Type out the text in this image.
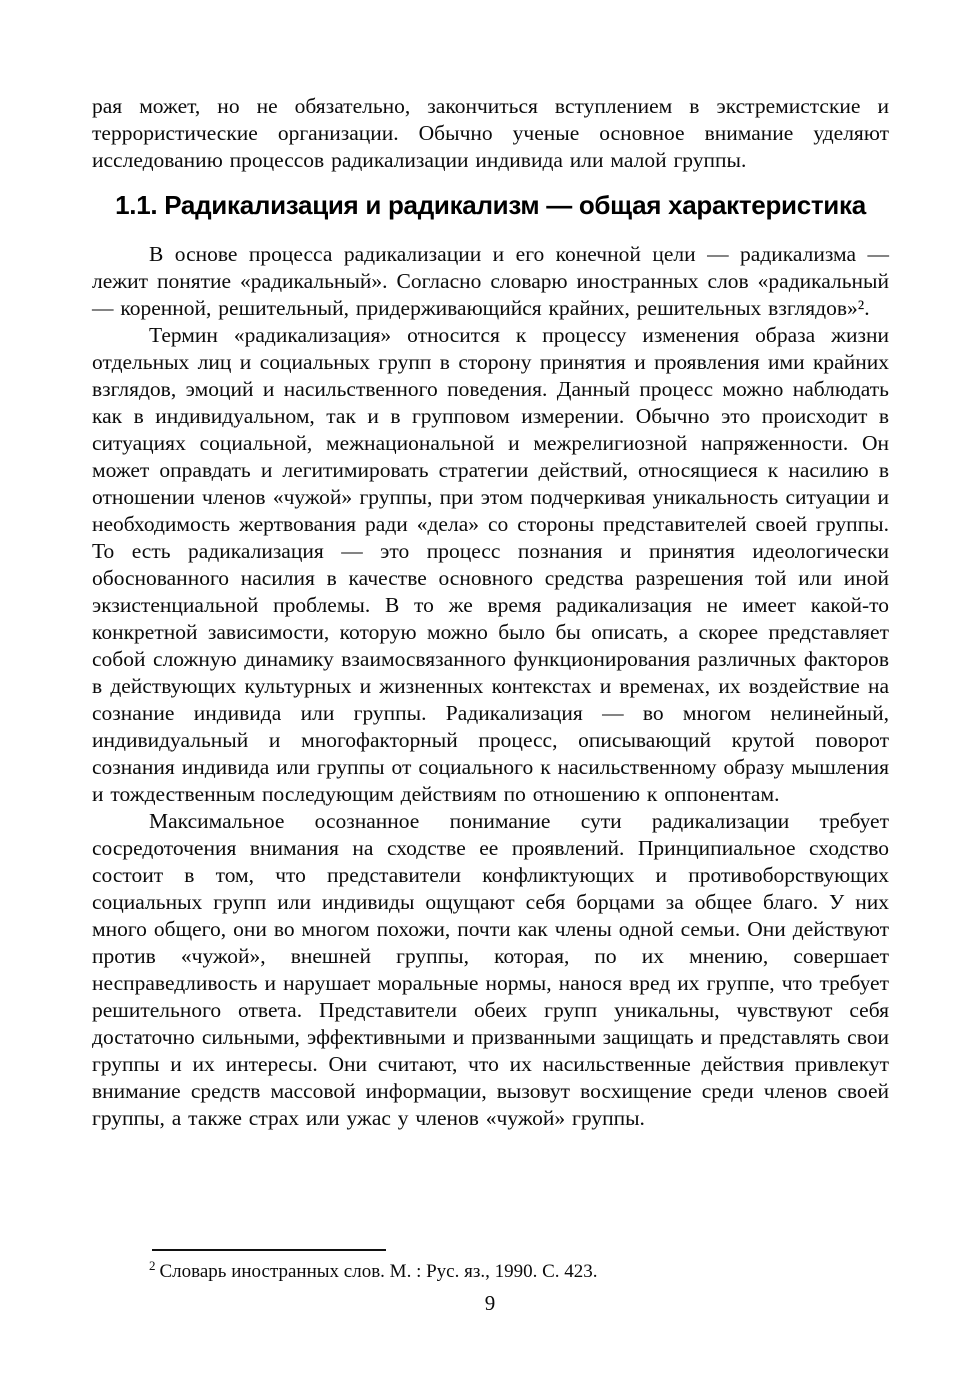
рая может, но не обязательно, закончиться вступлением в экстремистские и террористические организации. Обычно ученые основное внимание уделяют исследованию процессов радикализации индивида или малой группы.

1.1. Радикализация и радикализм — общая характеристика

В основе процесса радикализации и его конечной цели — радикализма — лежит понятие «радикальный». Согласно словарю иностранных слов «радикальный — коренной, решительный, придерживающийся крайних, решительных взглядов»².

Термин «радикализация» относится к процессу изменения образа жизни отдельных лиц и социальных групп в сторону принятия и проявления ими крайних взглядов, эмоций и насильственного поведения. Данный процесс можно наблюдать как в индивидуальном, так и в групповом измерении. Обычно это происходит в ситуациях социальной, межнациональной и межрелигиозной напряженности. Он может оправдать и легитимировать стратегии действий, относящиеся к насилию в отношении членов «чужой» группы, при этом подчеркивая уникальность ситуации и необходимость жертвования ради «дела» со стороны представителей своей группы. То есть радикализация — это процесс познания и принятия идеологически обоснованного насилия в качестве основного средства разрешения той или иной экзистенциальной проблемы. В то же время радикализация не имеет какой-то конкретной зависимости, которую можно было бы описать, а скорее представляет собой сложную динамику взаимосвязанного функционирования различных факторов в действующих культурных и жизненных контекстах и временах, их воздействие на сознание индивида или группы. Радикализация — во многом нелинейный, индивидуальный и многофакторный процесс, описывающий крутой поворот сознания индивида или группы от социального к насильственному образу мышления и тождественным последующим действиям по отношению к оппонентам.

Максимальное осознанное понимание сути радикализации требует сосредоточения внимания на сходстве ее проявлений. Принципиальное сходство состоит в том, что представители конфликтующих и противоборствующих социальных групп или индивиды ощущают себя борцами за общее благо. У них много общего, они во многом похожи, почти как члены одной семьи. Они действуют против «чужой», внешней группы, которая, по их мнению, совершает несправедливость и нарушает моральные нормы, нанося вред их группе, что требует решительного ответа. Представители обеих групп уникальны, чувствуют себя достаточно сильными, эффективными и призванными защищать и представлять свои группы и их интересы. Они считают, что их насильственные действия привлекут внимание средств массовой информации, вызовут восхищение среди членов своей группы, а также страх или ужас у членов «чужой» группы.

$^2$ Словарь иностранных слов. М. : Рус. яз., 1990. С. 423.

9
